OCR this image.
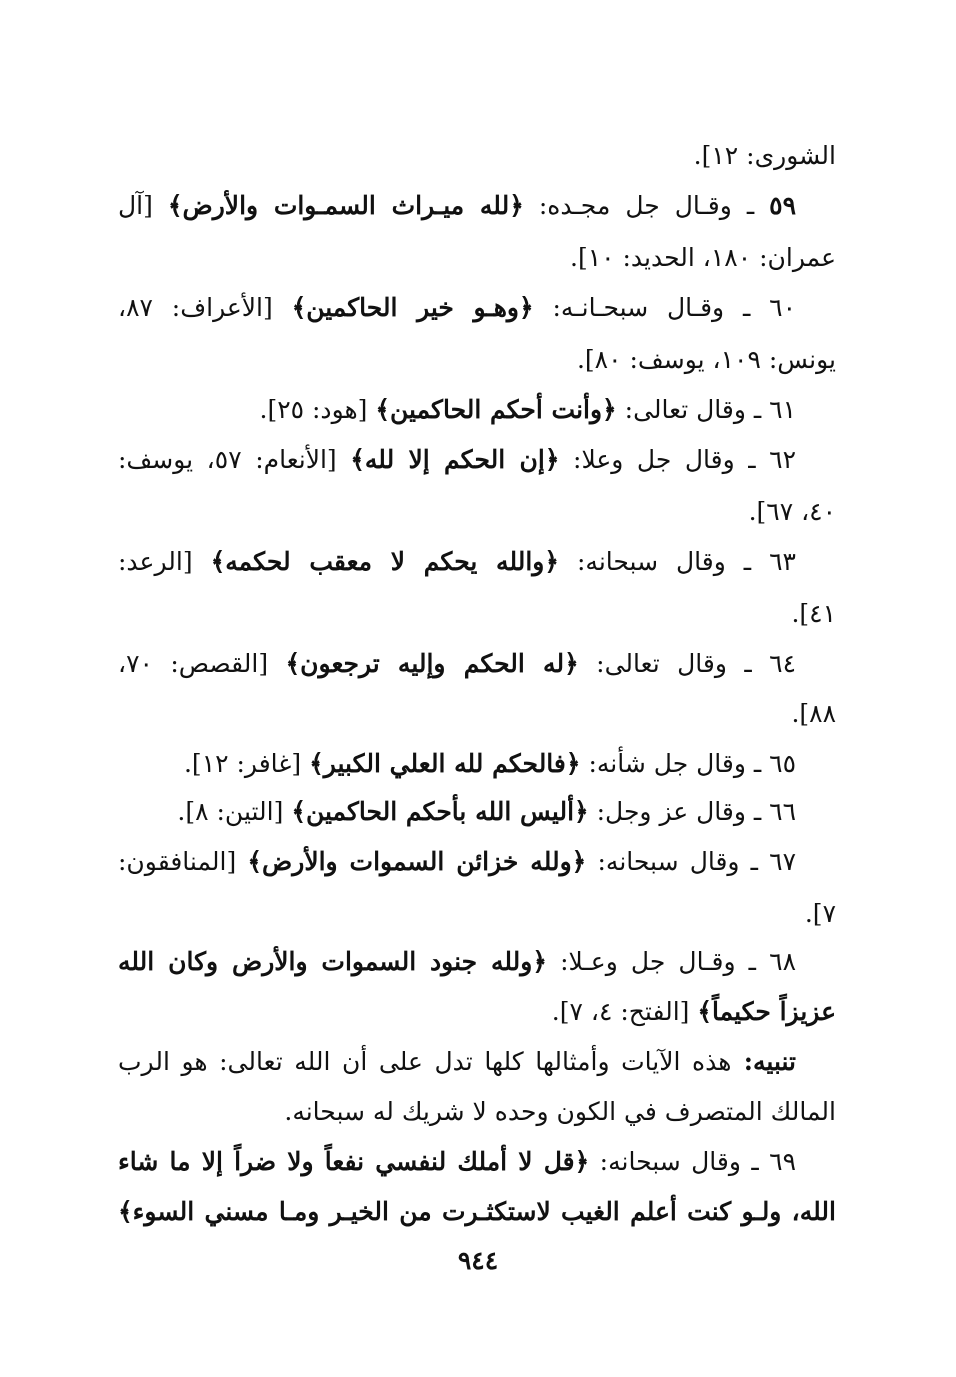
الشورى: ١٢].
٥٩ ـ وقـال جل مجـده: ﴿لله ميـراث السمـوات والأرض﴾ [آل
عمران: ١٨٠، الحديد: ١٠].
٦٠ ـ وقـال سبحـانـه: ﴿وهـو خير الحاكمين﴾ [الأعراف: ٨٧،
يونس: ١٠٩، يوسف: ٨٠].
٦١ ـ وقال تعالى: ﴿وأنت أحكم الحاكمين﴾ [هود: ٢٥].
٦٢ ـ وقال جل وعلا: ﴿إن الحكم إلا لله﴾ [الأنعام: ٥٧، يوسف:
٤٠، ٦٧].
٦٣ ـ وقال سبحانه: ﴿والله يحكم لا معقب لحكمه﴾ [الرعد:
٤١].
٦٤ ـ وقال تعالى: ﴿له الحكم وإليه ترجعون﴾ [القصص: ٧٠،
٨٨].
٦٥ ـ وقال جل شأنه: ﴿فالحكم لله العلي الكبير﴾ [غافر: ١٢].
٦٦ ـ وقال عز وجل: ﴿أليس الله بأحكم الحاكمين﴾ [التين: ٨].
٦٧ ـ وقال سبحانه: ﴿ولله خزائن السموات والأرض﴾ [المنافقون:
٧].
٦٨ ـ وقـال جل وعـلا: ﴿ولله جنود السموات والأرض وكان الله
عزيزاً حكيماً﴾ [الفتح: ٤، ٧].
تنبيه: هذه الآيات وأمثالها كلها تدل على أن الله تعالى: هو الرب
المالك المتصرف في الكون وحده لا شريك له سبحانه.
٦٩ ـ وقال سبحانه: ﴿قل لا أملك لنفسي نفعاً ولا ضراً إلا ما شاء
الله، ولـو كنت أعلم الغيب لاستكثـرت من الخيـر ومـا مسني السوء﴾
٩٤٤
